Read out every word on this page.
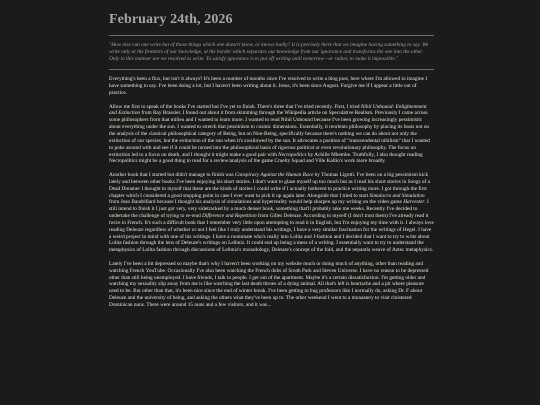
February 24th, 2026
"How else can one write but of those things which one doesn't know, or knows badly? It is precisely there that we imagine having something to say. We write only at the frontiers of our knowledge, at the border which separates our knowledge from our ignorance and transforms the one into the other. Only in this manner are we resolved to write. To satisfy ignorance is to put off writing until tomorrow—or rather, to make it impossible."

Everything's been a flux, but isn't it always? It's been a number of months since I've resolved to write a blog post, here where I'm allowed to imagine I have something to say. I've been doing a lot, but I haven't been writing about it. Jesus, it's been since August. Forgive me if I appear a little out of practice.

Allow me first to speak of the books I've started but I've yet to finish. There's three that I've tried recently. First, I tried Nihil Unbound: Enlightenment and Extinction from Ray Brassier. I found out about it from skimming through the Wikipedia article on Speculative Realism. Previously I came across some philosophers from that milieu and I wanted to learn more. I wanted to read Nihil Unbound because I've been growing increasingly pessimistic about everything under the sun. I wanted to stretch that pessimism to cosmic dimensions. Essentially, it reorients philosophy by placing its basis not on the analysis of the classical philosophical category of Being, but on Non-Being, specifically because there's nothing we can do about not only the extinction of our species, but the extinction of the sun when it's swallowed by the sun. It advocates a position of "transcendental nihilism" that I wanted to poke around with and see if it could be turned into the philosophical basis of rigorous political or even revolutionary philosophy. The focus on extinction led to a focus on death, and I thought it might make a good pair with Necropolitics by Achille Mbembe. Truthfully, I also thought reading Necropolitics might be a good thing to read for a review/analysis of the game Cruelty Squad and Ville Kallio's work more broadly.

Another book that I started but didn't manage to finish was Conspiracy Against the Human Race by Thomas Ligotti. I've been on a big pessimism kick lately and between other books I've been enjoying his short stories. I don't want to glaze myself up too much but as I read his short stories in Songs of a Dead Dreamer I thought to myself that these are the kinds of stories I could write if I actually bothered to practice writing more. I got through the first chapter which I considered a good stopping point in case I ever want to pick it up again later. Alongside that I tried to start Simulacra and Simulation from Jean Baudrillard because I thought his analysis of simulations and hyperreality would help sharpen up my writing on the video game Harvester. I still intend to finish it I just got very, very sidetracked by a much denser book, something that'll probably take me weeks. Recently I've decided to undertake the challenge of trying to re-read Difference and Repetition from Gilles Deleuze. According to myself (I don't trust them) I've already read it twice in French. It's such a difficult book that I remember very little upon attempting to read it in English, but I'm enjoying my time with it. I always love reading Deleuze regardless of whether or not I feel like I truly understand his writings, I have a very similar fascination for the writings of Hegel. I have a weird project in mind with one of his writings. I have a roommate who's really into Lolita and J-fashion and I decided that I want to try to write about Lolita fashion through the lens of Deleuze's writings on Leibniz. It could end up being a mess of a writing. I essentially want to try to understand the metaphysics of Lolita fashion through discussions of Leibniz's monadology, Deleuze's concept of the fold, and the nepantla weave of Aztec metaphysics.

Lately I've been a bit depressed so maybe that's why I haven't been working on my website much or doing much of anything, other than reading and watching French YouTube. Occasionally I've also been watching the French dubs of South Park and Steven Universe. I have no reason to be depressed other than still being unemployed. I have friends, I talk to people. I get out of the apartment. Maybe it's a certain dissatisfaction. I'm getting older and watching my sexuality slip away from me is like watching the last death throes of a dying animal. All that's left is heartache and a pit where pleasure used to be. But other than that, it's been nice since the end of winter break. I've been getting to bug professors like I normally do, asking Dr. F about Deleuze and the university of being, and asking the others what they've been up to. The other weekend I went to a monastery to visit cloistered Dominican nuns. There were around 15 nuns and a few visitors, and it was...
